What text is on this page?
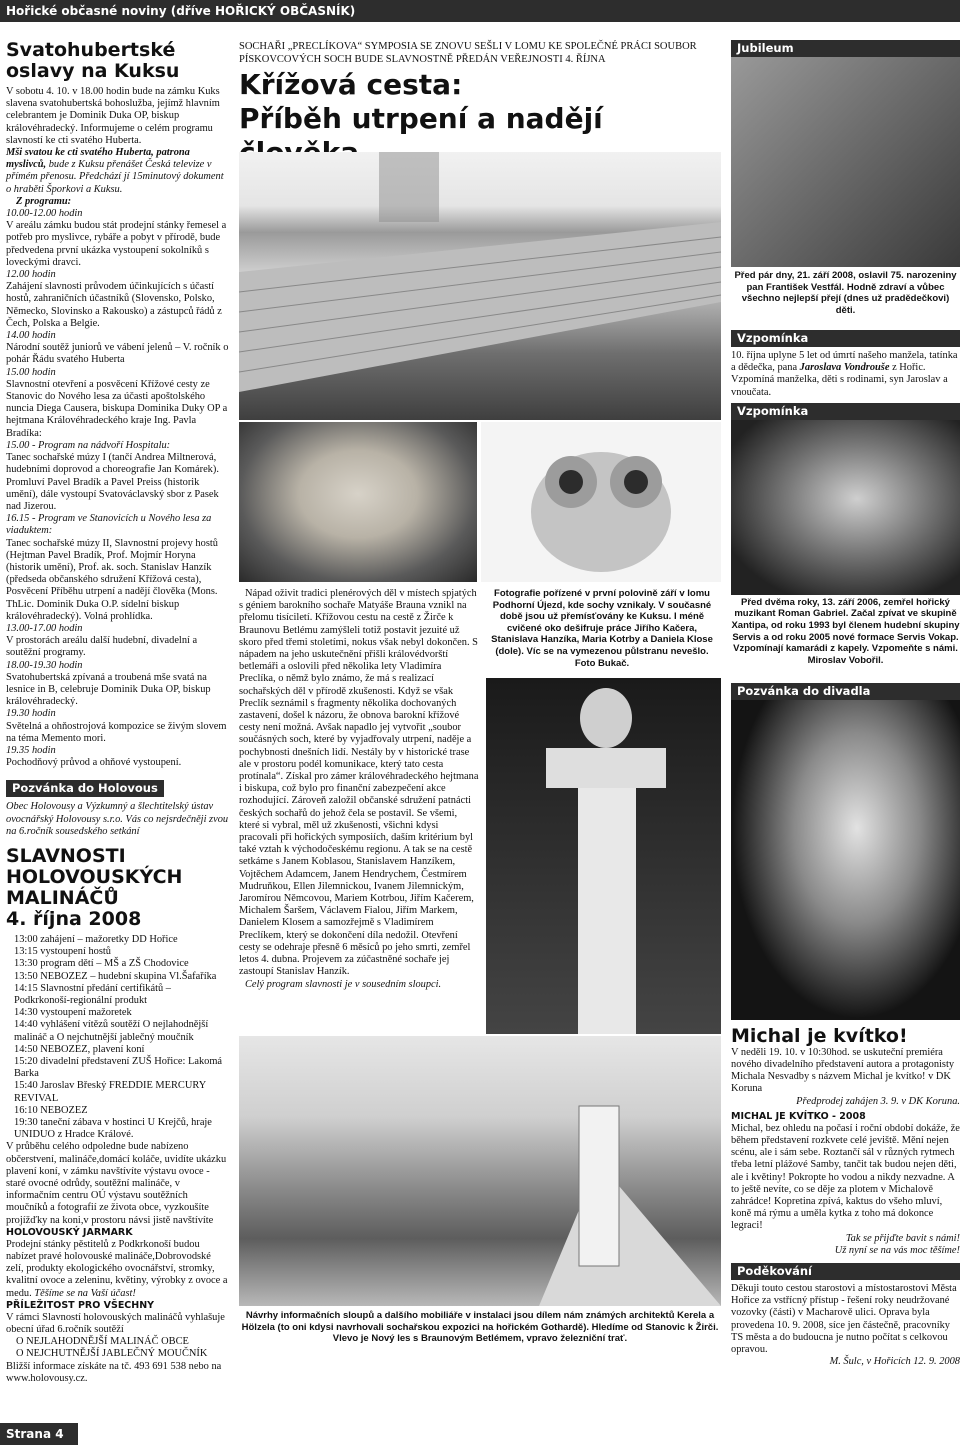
Hořické občasné noviny (dříve HOŘICKÝ OBČASNÍK)
Svatohubertské oslavy na Kuksu

V sobotu 4. 10. v 18.00 hodin bude na zámku Kuks slavena svatohubertská bohoslužba, jejímž hlavním celebrantem je Dominik Duka OP, biskup královéhradecký. Informujeme o celém programu slavností ke cti svatého Huberta.

Mši svatou ke cti svatého Huberta, patrona myslivců, bude z Kuksu přenášet Česká televize v přímém přenosu. Předchází jí 15minutový dokument o hraběti Šporkovi a Kuksu.

Z programu:

10.00-12.00 hodin

V areálu zámku budou stát prodejní stánky řemesel a potřeb pro myslivce, rybáře a pobyt v přírodě, bude předvedena první ukázka vystoupení sokolníků s loveckými dravci.

12.00 hodin

Zahájení slavnosti průvodem účinkujících s účastí hostů, zahraničních účastníků (Slovensko, Polsko, Německo, Slovinsko a Rakousko) a zástupců řádů z Čech, Polska a Belgie.

14.00 hodin

Národní soutěž juniorů ve vábení jelenů – V. ročník o pohár Řádu svatého Huberta

15.00 hodin

Slavnostní otevření a posvěcení Křížové cesty ze Stanovic do Nového lesa za účasti apoštolského nuncia Diega Causera, biskupa Dominika Duky OP a hejtmana Královéhradeckého kraje Ing. Pavla Bradíka:

15.00 - Program na nádvoří Hospitalu:

Tanec sochařské múzy I (tančí Andrea Miltnerová, hudebními doprovod a choreografie Jan Komárek). Promluví Pavel Bradík a Pavel Preiss (historik umění), dále vystoupí Svatováclavský sbor z Pasek nad Jizerou.

16.15 - Program ve Stanovicích u Nového lesa za viaduktem:

Tanec sochařské múzy II, Slavnostní projevy hostů (Hejtman Pavel Bradík, Prof. Mojmír Horyna (historik umění), Prof. ak. soch. Stanislav Hanzík (předseda občanského sdružení Křížová cesta), Posvěcení Příběhu utrpení a nadějí člověka (Mons. ThLic. Dominik Duka O.P. sídelní biskup královéhradecký). Volná prohlídka.

13.00-17.00 hodin

V prostorách areálu další hudební, divadelní a soutěžní programy.

18.00-19.30 hodin

Svatohubertská zpívaná a troubená mše svatá na lesnice in B, celebruje Dominik Duka OP, biskup královéhradecký.

19.30 hodin

Světelná a ohňostrojová kompozice se živým slovem na téma Memento mori.

19.35 hodin

Pochodňový průvod a ohňové vystoupení.

Pozvánka do Holovous

Obec Holovousy a Výzkumný a šlechtitelský ústav ovocnářský Holovousy s.r.o. Vás co nejsrdečněji zvou na 6.ročník sousedského setkání

SLAVNOSTI HOLOVOUSKÝCH MALINÁČŮ
4. října 2008

13:00 zahájení – mažoretky DD Hořice

13:15 vystoupení hostů

13:30 program dětí – MŠ a ZŠ Chodovice

13:50 NEBOZEZ – hudební skupina Vl.Šafaříka

14:15 Slavnostní předání certifikátů – Podkrkonoší-regionální produkt

14:30 vystoupení mažoretek

14:40 vyhlášení vítězů soutěží O nejlahodnější malináč a O nejchutnější jablečný moučník

14:50 NEBOZEZ, plavení koní

15:20 divadelní představení ZUŠ Hořice: Lakomá Barka

15:40 Jaroslav Břeský FREDDIE MERCURY REVIVAL

16:10 NEBOZEZ

19:30 taneční zábava v hostinci U Krejčů, hraje UNIDUO z Hradce Králové.

V průběhu celého odpoledne bude nabízeno občerstvení, malináče,domácí koláče, uvidíte ukázku plavení koní, v zámku navštívíte výstavu ovoce - staré ovocné odrůdy, soutěžní malináče, v informačním centru OÚ výstavu soutěžních moučníků a fotografií ze života obce, vyzkoušíte projížďky na koni,v prostoru návsi jistě navštívíte

HOLOVOUSKÝ JARMARK

Prodejní stánky pěstitelů z Podkrkonoší budou nabízet pravé holovouské malináče,Dobrovodské zelí, produkty ekologického ovocnářství, stromky, kvalitní ovoce a zeleninu, květiny, výrobky z ovoce a medu. Těšíme se na Vaší účast!

PŘÍLEŽITOST PRO VŠECHNY

V rámci Slavností holovouských malináčů vyhlašuje obecní úřad 6.ročník soutěží

O NEJLAHODNĚJŠÍ MALINÁČ OBCE

O NEJCHUTNĚJŠÍ JABLEČNÝ MOUČNÍK

Bližší informace získáte na tč. 493 691 538 nebo na www.holovousy.cz.

SOCHAŘI „PRECLÍKOVA“ SYMPOSIA SE ZNOVU SEŠLI V LOMU KE SPOLEČNÉ PRÁCI SOUBOR PÍSKOVCOVÝCH SOCH BUDE SLAVNOSTNĚ PŘEDÁN VEŘEJNOSTI 4. ŘÍJNA

Křížová cesta:
Příběh utrpení a nadějí

Nápad oživit tradici plenérových děl v místech spjatých s géniem barokního sochaře Matyáše Brauna vznikl na přelomu tisíciletí. Křížovou cestu na cestě z Žirče k Braunovu Betlému zamýšleli totiž postavit jezuité už skoro před třemi stoletími, nokus však nebyl dokončen. S nápadem na jeho uskutečnění přišli královédvorští betlemáři a oslovili před několika lety Vladimíra Preclíka, o němž bylo známo, že má s realizací sochařských děl v přírodě zkušenosti. Když se však Preclík seznámil s fragmenty několika dochovaných zastavení, došel k názoru, že obnova barokní křížové cesty není možná. Avšak napadlo jej vytvořit „soubor součásných soch, které by vyjadřovaly utrpení, naděje a pochybnosti dnešních lidí. Nestály by v historické trase ale v prostoru podél komunikace, který tato cesta protínala“. Získal pro zámer královéhradeckého hejtmana i biskupa, což bylo pro finanční zabezpečení akce rozhodující. Zároveň založil občanské sdružení patnácti českých sochařů do jehož čela se postavil. Se všemi, které si vybral, měl už zkušenosti, všichni kdysi pracovali při hořických symposiích, daším kritérium byl také vztah k východočeskému regionu. A tak se na cestě setkáme s Janem Koblasou, Stanislavem Hanzíkem, Vojtěchem Adamcem, Janem Hendrychem, Čestmírem Mudruňkou, Ellen Jilemnickou, Ivanem Jilemnickým, Jaromírou Němcovou, Mariem Kotrbou, Jiřím Kačerem, Michalem Šaršem, Václavem Fialou, Jiřím Markem, Danielem Klosem a samozřejmě s Vladimírem Preclíkem, který se dokončení díla nedožil. Otevření cesty se odehraje přesně 6 měsíců po jeho smrti, zemřel letos 4. dubna. Projevem za zúčastněné sochaře jej zastoupí Stanislav Hanzík.

Celý program slavnosti je v sousedním sloupci.

Fotografie pořízené v první polovině září v lomu Podhorní Újezd, kde sochy vznikaly. V současné době jsou už přemísťovány ke Kuksu. I méně cvičené oko dešifruje práce Jiřího Kačera, Stanislava Hanzíka, Maria Kotrby a Daniela Klose (dole). Víc se na vymezenou půlstranu nevešlo. Foto Bukač.
Návrhy informačních sloupů a dalšího mobiliáře v instalaci jsou dílem nám známých architektů Kerela a Hölzela (to oni kdysi navrhovali sochařskou expozici na hořickém Gothardě). Hledíme od Stanovic k Žirči. Vlevo je Nový les s Braunovým Betlémem, vpravo železniční trať.
Jubileum
Před pár dny, 21. září 2008, oslavil 75. narozeniny pan František Vestfál. Hodně zdraví a vůbec všechno nejlepší přejí (dnes už pradědečkovi) děti.
Vzpomínka

10. října uplyne 5 let od úmrtí našeho manžela, tatínka a dědečka, pana Jaroslava Vondrouše z Hořic. Vzpomíná manželka, děti s rodinami, syn Jaroslav a vnoučata.

Vzpomínka
Před dvěma roky, 13. září 2006, zemřel hořický muzikant Roman Gabriel. Začal zpívat ve skupině Xantipa, od roku 1993 byl členem hudební skupiny Servis a od roku 2005 nové formace Servis Vokap. Vzpomínají kamarádi z kapely. Vzpomeňte s námi. Miroslav Vobořil.
Pozvánka do divadla
Michal je kvítko!

V neděli 19. 10. v 10:30hod. se uskuteční premiéra nového divadelního představení autora a protagonisty Michala Nesvadby s názvem Michal je kvítko! v DK Koruna

Předprodej zahájen 3. 9. v DK Koruna.

MICHAL JE KVÍTKO - 2008

Michal, bez ohledu na počasí i roční období dokáže, že během představení rozkvete celé jeviště. Mění nejen scénu, ale i sám sebe. Roztančí sál v různých rytmech třeba letní plážové Samby, tančit tak budou nejen děti, ale i květiny! Pokropte ho vodou a nikdy nezvadne. A to ještě nevíte, co se děje za plotem v Michalově zahrádce! Kopretina zpívá, kaktus do všeho mluví, koně má rýmu a uměla kytka z toho má dokonce legraci!

Tak se přijďte bavit s námi!

Už nyní se na vás moc těšíme!

Poděkování

Děkuji touto cestou starostovi a místostarostovi Města Hořice za vstřícný přístup - řešení roky neudržované vozovky (části) v Macharově ulici. Oprava byla provedena 10. 9. 2008, síce jen částečně, pracovníky TS města a do budoucna je nutno počítat s celkovou opravou.

M. Šulc, v Hořicích 12. 9. 2008

Strana 4
